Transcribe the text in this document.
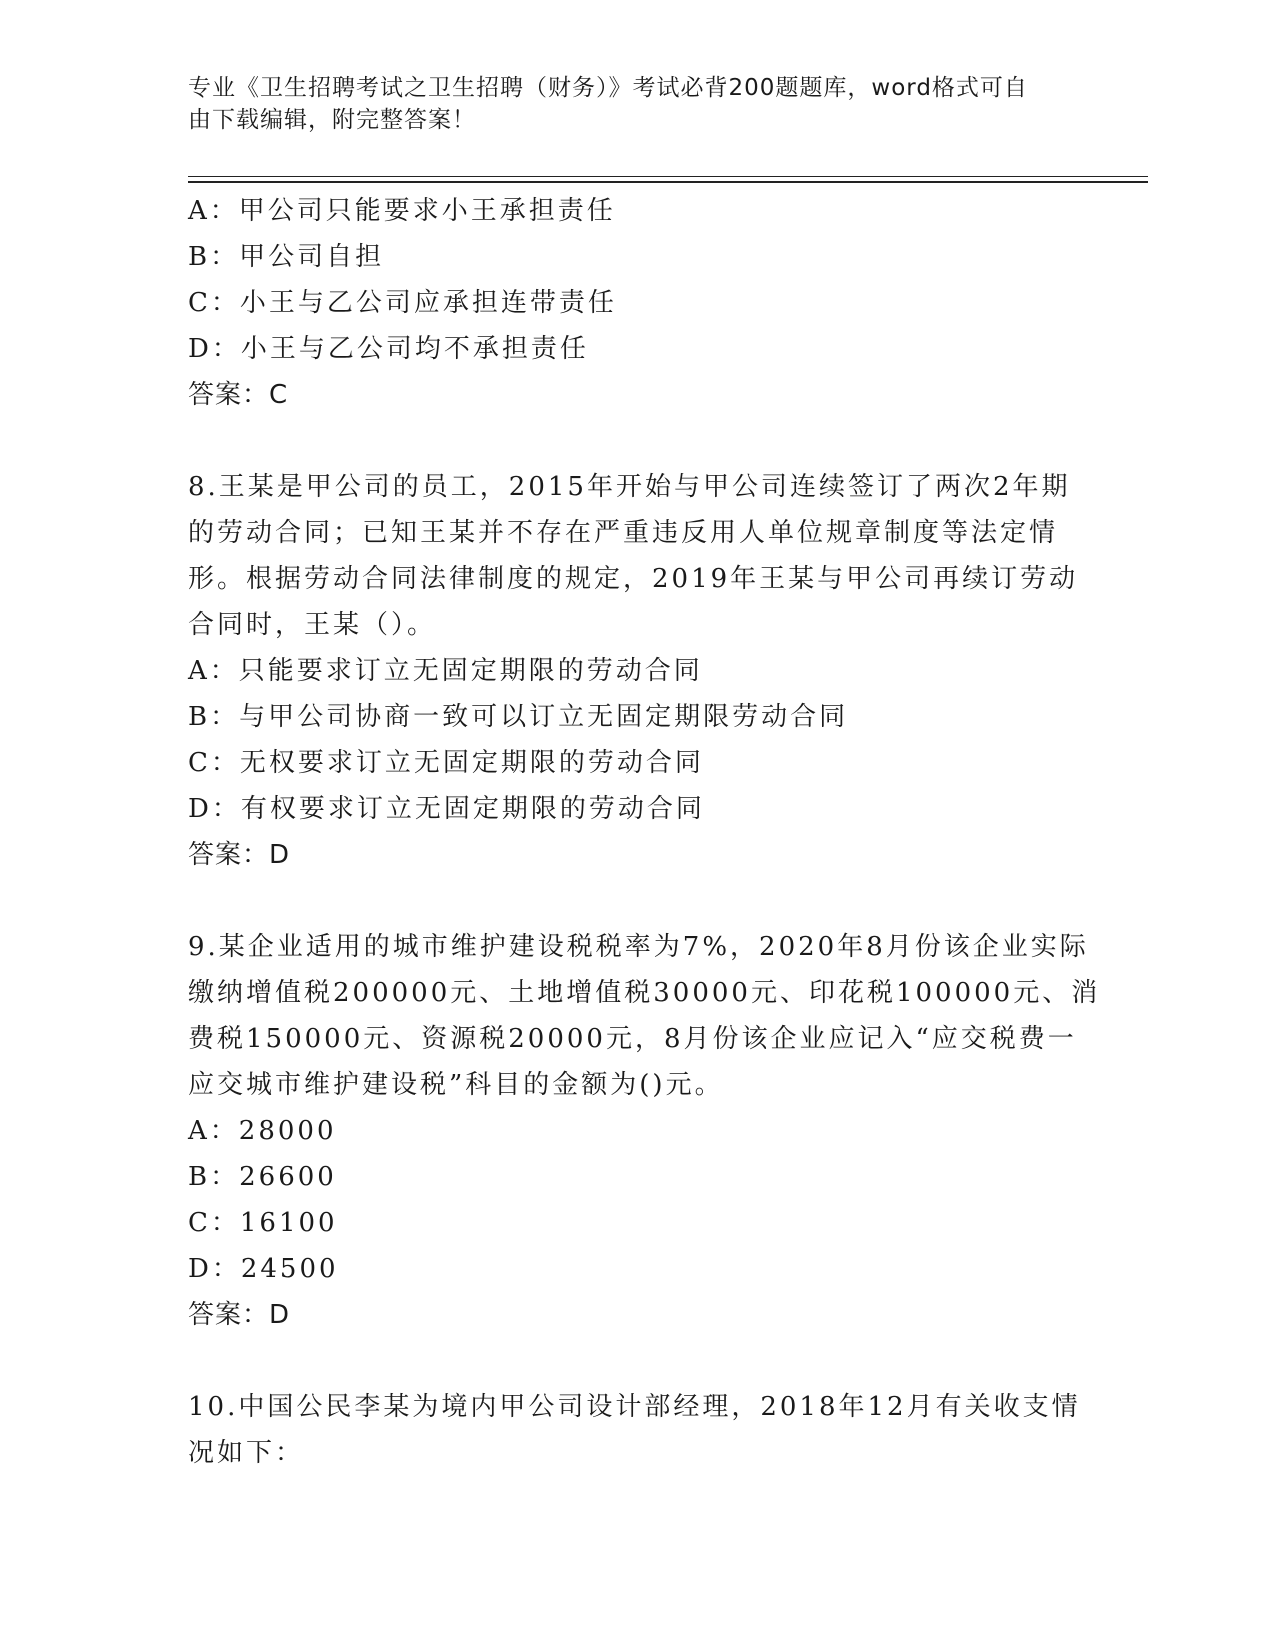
专业《卫生招聘考试之卫生招聘（财务）》考试必背200题题库，word格式可自
由下载编辑，附完整答案！
A：甲公司只能要求小王承担责任
B：甲公司自担
C：小王与乙公司应承担连带责任
D：小王与乙公司均不承担责任
答案：C
8.王某是甲公司的员工，2015年开始与甲公司连续签订了两次2年期
的劳动合同；已知王某并不存在严重违反用人单位规章制度等法定情
形。根据劳动合同法律制度的规定，2019年王某与甲公司再续订劳动
合同时，王某（）。
A：只能要求订立无固定期限的劳动合同
B：与甲公司协商一致可以订立无固定期限劳动合同
C：无权要求订立无固定期限的劳动合同
D：有权要求订立无固定期限的劳动合同
答案：D
9.某企业适用的城市维护建设税税率为7%，2020年8月份该企业实际
缴纳增值税200000元、土地增值税30000元、印花税100000元、消
费税150000元、资源税20000元，8月份该企业应记入“应交税费一
应交城市维护建设税”科目的金额为()元。
A：28000
B：26600
C：16100
D：24500
答案：D
10.中国公民李某为境内甲公司设计部经理，2018年12月有关收支情
况如下：
